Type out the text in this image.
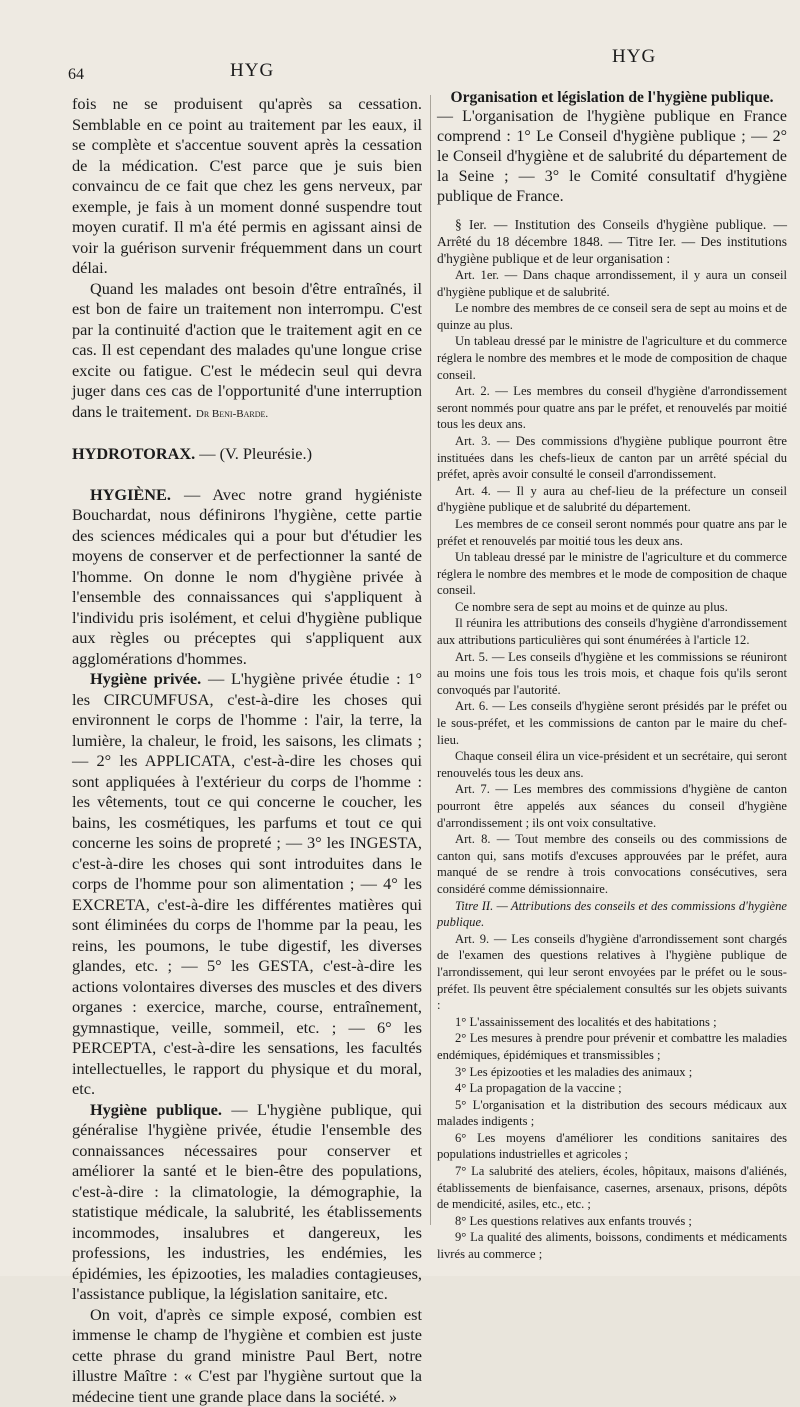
64	HYG
HYG

fois ne se produisent qu'après sa cessation. Semblable en ce point au traitement par les eaux, il se complète et s'accentue souvent après la cessation de la médication. C'est parce que je suis bien convaincu de ce fait que chez les gens nerveux, par exemple, je fais à un moment donné suspendre tout moyen curatif. Il m'a été permis en agissant ainsi de voir la guérison survenir fréquemment dans un court délai.

Quand les malades ont besoin d'être entraînés, il est bon de faire un traitement non interrompu. C'est par la continuité d'action que le traitement agit en ce cas. Il est cependant des malades qu'une longue crise excite ou fatigue. C'est le médecin seul qui devra juger dans ces cas de l'opportunité d'une interruption dans le traitement. Dr Beni-Barde.

HYDROTORAX. — (V. Pleurésie.)

HYGIÈNE. — Avec notre grand hygiéniste Bouchardat, nous définirons l'hygiène, cette partie des sciences médicales qui a pour but d'étudier les moyens de conserver et de perfectionner la santé de l'homme. On donne le nom d'hygiène privée à l'ensemble des connaissances qui s'appliquent à l'individu pris isolément, et celui d'hygiène publique aux règles ou préceptes qui s'appliquent aux agglomérations d'hommes.

Hygiène privée. — L'hygiène privée étudie : 1° les CIRCUMFUSA, c'est-à-dire les choses qui environnent le corps de l'homme : l'air, la terre, la lumière, la chaleur, le froid, les saisons, les climats ; — 2° les APPLICATA, c'est-à-dire les choses qui sont appliquées à l'extérieur du corps de l'homme : les vêtements, tout ce qui concerne le coucher, les bains, les cosmétiques, les parfums et tout ce qui concerne les soins de propreté ; — 3° les INGESTA, c'est-à-dire les choses qui sont introduites dans le corps de l'homme pour son alimentation ; — 4° les EXCRETA, c'est-à-dire les différentes matières qui sont éliminées du corps de l'homme par la peau, les reins, les poumons, le tube digestif, les diverses glandes, etc. ; — 5° les GESTA, c'est-à-dire les actions volontaires diverses des muscles et des divers organes : exercice, marche, course, entraînement, gymnastique, veille, sommeil, etc. ; — 6° les PERCEPTA, c'est-à-dire les sensations, les facultés intellectuelles, le rapport du physique et du moral, etc.

Hygiène publique. — L'hygiène publique, qui généralise l'hygiène privée, étudie l'ensemble des connaissances nécessaires pour conserver et améliorer la santé et le bien-être des populations, c'est-à-dire : la climatologie, la démographie, la statistique médicale, la salubrité, les établissements incommodes, insalubres et dangereux, les professions, les industries, les endémies, les épidémies, les épizooties, les maladies contagieuses, l'assistance publique, la législation sanitaire, etc.

On voit, d'après ce simple exposé, combien est immense le champ de l'hygiène et combien est juste cette phrase du grand ministre Paul Bert, notre illustre Maître : « C'est par l'hygiène surtout que la médecine tient une grande place dans la société. »

Organisation et législation de l'hygiène publique.

— L'organisation de l'hygiène publique en France comprend : 1° Le Conseil d'hygiène publique ; — 2° le Conseil d'hygiène et de salubrité du département de la Seine ; — 3° le Comité consultatif d'hygiène publique de France.

§ Ier. — Institution des Conseils d'hygiène publique. — Arrêté du 18 décembre 1848. — Titre Ier. — Des institutions d'hygiène publique et de leur organisation :

Art. 1er. — Dans chaque arrondissement, il y aura un conseil d'hygiène publique et de salubrité.

Le nombre des membres de ce conseil sera de sept au moins et de quinze au plus.

Un tableau dressé par le ministre de l'agriculture et du commerce réglera le nombre des membres et le mode de composition de chaque conseil.

Art. 2. — Les membres du conseil d'hygiène d'arrondissement seront nommés pour quatre ans par le préfet, et renouvelés par moitié tous les deux ans.

Art. 3. — Des commissions d'hygiène publique pourront être instituées dans les chefs-lieux de canton par un arrêté spécial du préfet, après avoir consulté le conseil d'arrondissement.

Art. 4. — Il y aura au chef-lieu de la préfecture un conseil d'hygiène publique et de salubrité du département.

Les membres de ce conseil seront nommés pour quatre ans par le préfet et renouvelés par moitié tous les deux ans.

Un tableau dressé par le ministre de l'agriculture et du commerce réglera le nombre des membres et le mode de composition de chaque conseil.

Ce nombre sera de sept au moins et de quinze au plus.

Il réunira les attributions des conseils d'hygiène d'arrondissement aux attributions particulières qui sont énumérées à l'article 12.

Art. 5. — Les conseils d'hygiène et les commissions se réuniront au moins une fois tous les trois mois, et chaque fois qu'ils seront convoqués par l'autorité.

Art. 6. — Les conseils d'hygiène seront présidés par le préfet ou le sous-préfet, et les commissions de canton par le maire du chef-lieu.

Chaque conseil élira un vice-président et un secrétaire, qui seront renouvelés tous les deux ans.

Art. 7. — Les membres des commissions d'hygiène de canton pourront être appelés aux séances du conseil d'hygiène d'arrondissement ; ils ont voix consultative.

Art. 8. — Tout membre des conseils ou des commissions de canton qui, sans motifs d'excuses approuvées par le préfet, aura manqué de se rendre à trois convocations consécutives, sera considéré comme démissionnaire.

Titre II. — Attributions des conseils et des commissions d'hygiène publique.

Art. 9. — Les conseils d'hygiène d'arrondissement sont chargés de l'examen des questions relatives à l'hygiène publique de l'arrondissement, qui leur seront envoyées par le préfet ou le sous-préfet. Ils peuvent être spécialement consultés sur les objets suivants :

1° L'assainissement des localités et des habitations ;

2° Les mesures à prendre pour prévenir et combattre les maladies endémiques, épidémiques et transmissibles ;

3° Les épizooties et les maladies des animaux ;

4° La propagation de la vaccine ;

5° L'organisation et la distribution des secours médicaux aux malades indigents ;

6° Les moyens d'améliorer les conditions sanitaires des populations industrielles et agricoles ;

7° La salubrité des ateliers, écoles, hôpitaux, maisons d'aliénés, établissements de bienfaisance, casernes, arsenaux, prisons, dépôts de mendicité, asiles, etc., etc. ;

8° Les questions relatives aux enfants trouvés ;

9° La qualité des aliments, boissons, condiments et médicaments livrés au commerce ;
